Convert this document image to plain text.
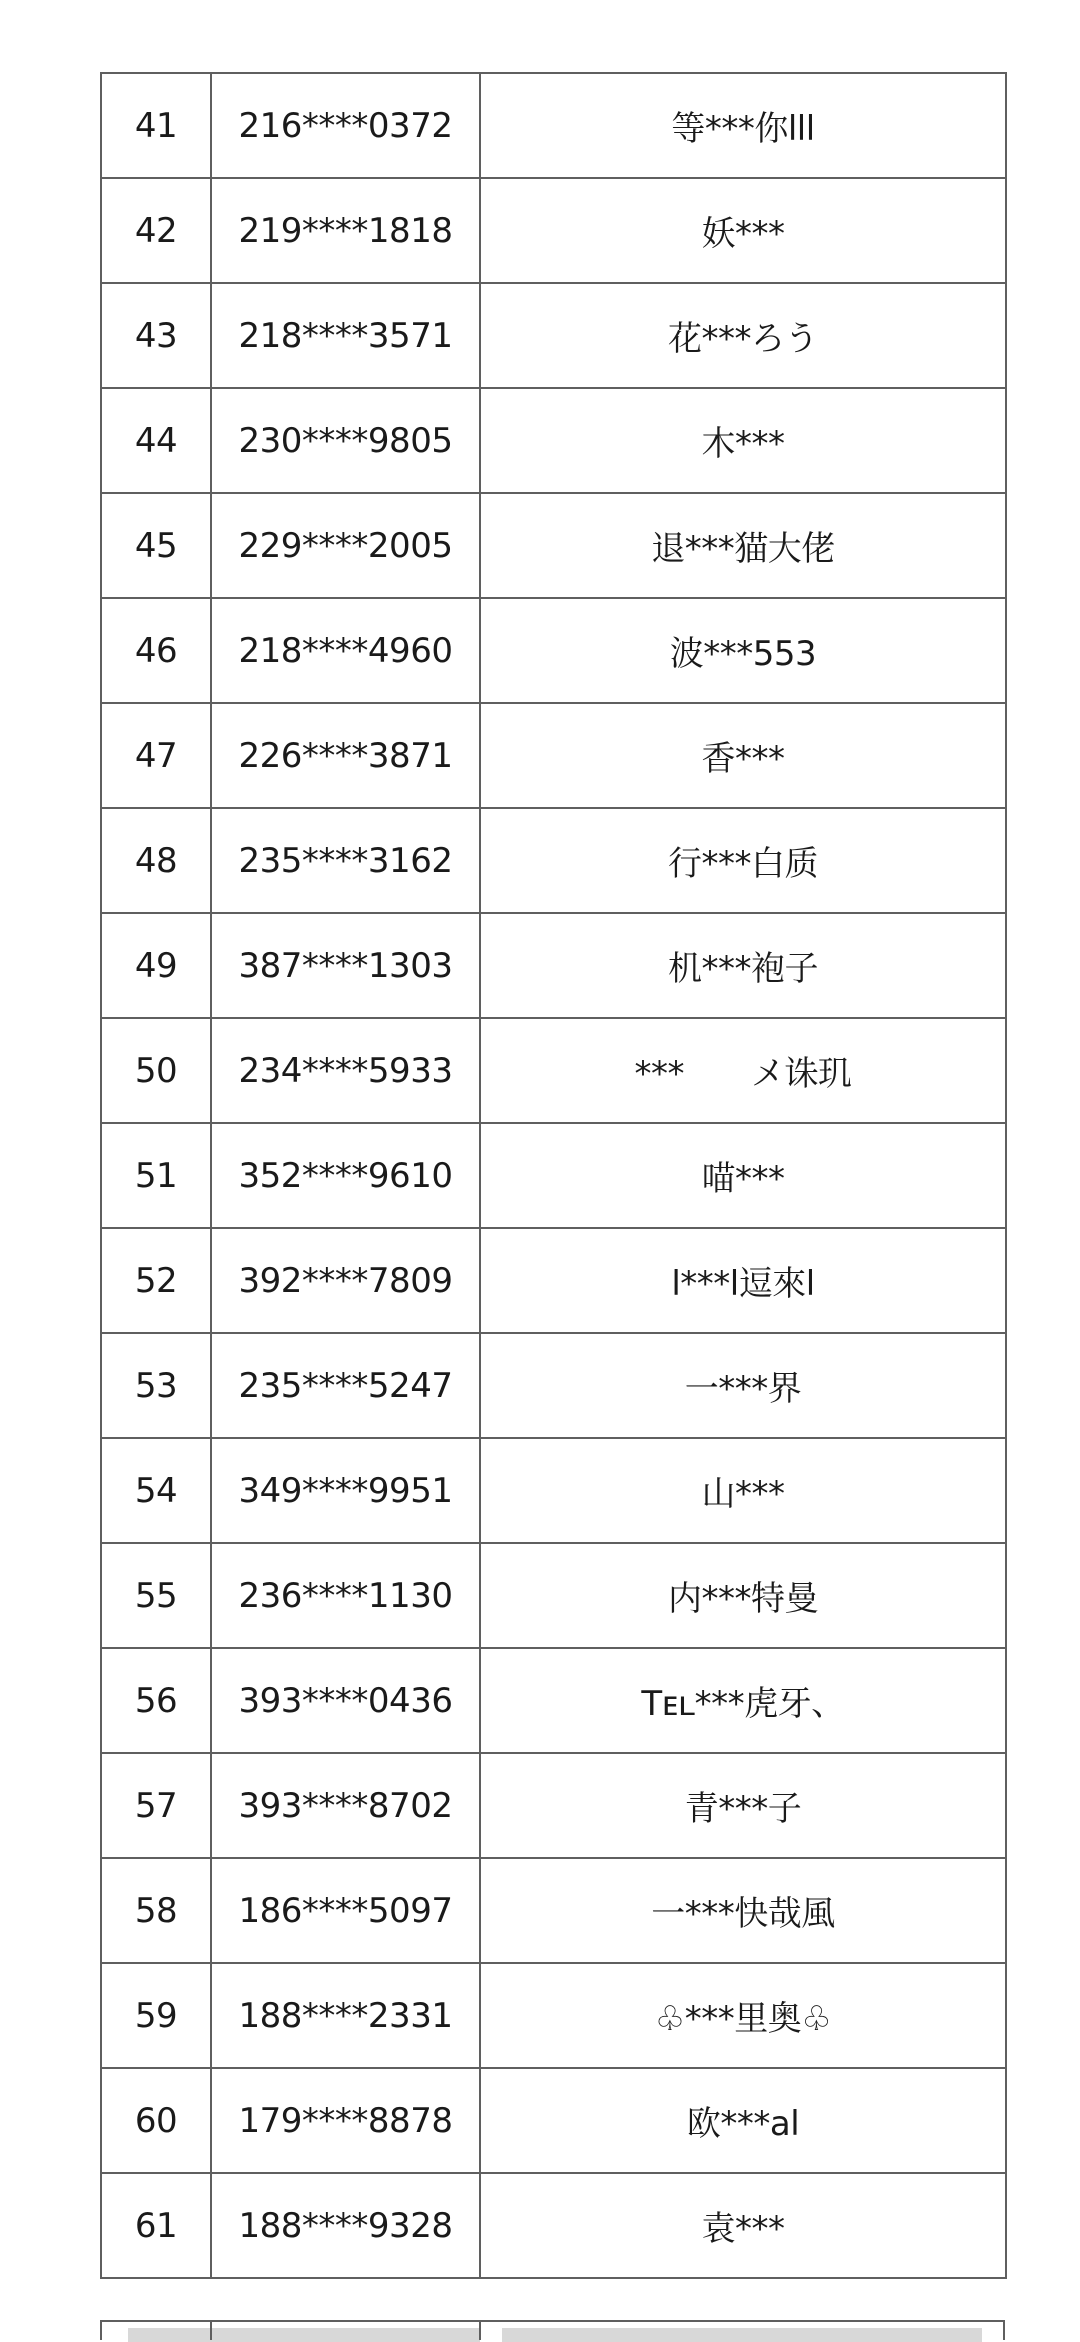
41	216****0372	等***你lll
42	219****1818	妖***
43	218****3571	花***ろう
44	230****9805	木***
45	229****2005	退***猫大佬
46	218****4960	波***553
47	226****3871	香***
48	235****3162	行***白质
49	387****1303	机***袍子
50	234****5933	***　　メ诛玑
51	352****9610	喵***
52	392****7809	l***l逗來l
53	235****5247	一***界
54	349****9951	山***
55	236****1130	内***特曼
56	393****0436	Tᴇʟ***虎牙、
57	393****8702	青***子
58	186****5097	一***快哉風
59	188****2331	♧***里奥♧
60	179****8878	欧***al
61	188****9328	袁***
